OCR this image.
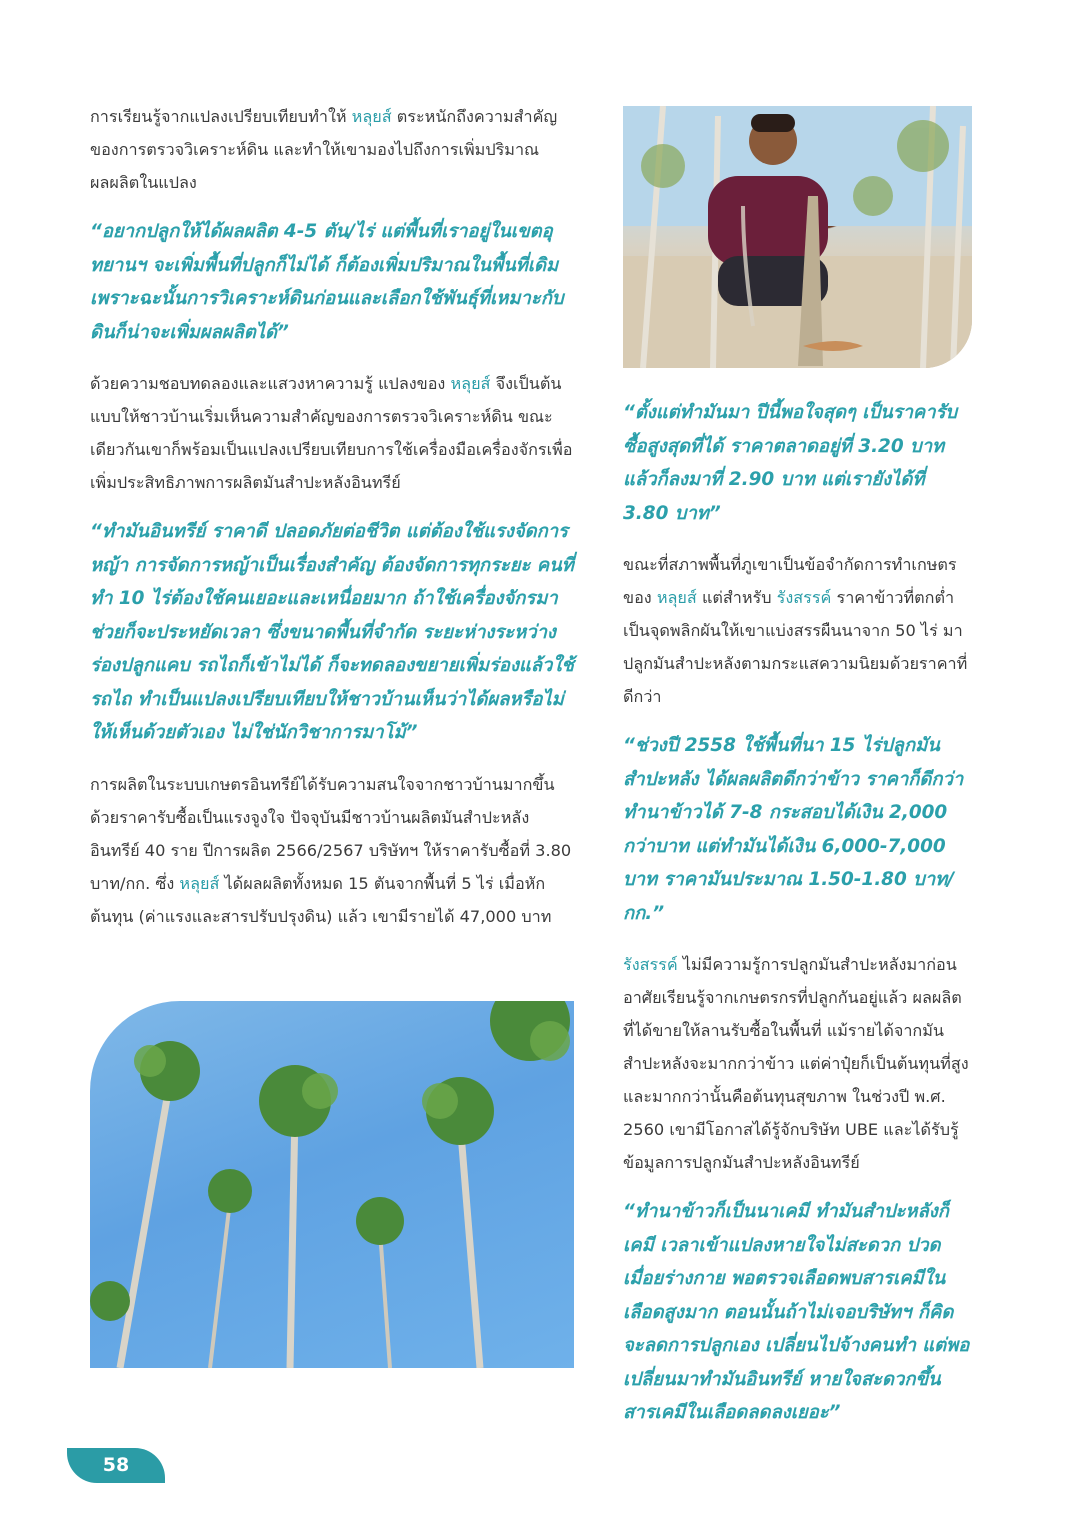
การเรียนรู้จากแปลงเปรียบเทียบทำให้ หลุยส์ ตระหนักถึงความสำคัญของการตรวจวิเคราะห์ดิน และทำให้เขามองไปถึงการเพิ่มปริมาณผลผลิตในแปลง

“อยากปลูกให้ได้ผลผลิต 4-5 ตัน/ไร่ แต่พื้นที่เราอยู่ในเขตอุทยานฯ จะเพิ่มพื้นที่ปลูกก็ไม่ได้ ก็ต้องเพิ่มปริมาณในพื้นที่เดิม เพราะฉะนั้นการวิเคราะห์ดินก่อนและเลือกใช้พันธุ์ที่เหมาะกับดินก็น่าจะเพิ่มผลผลิตได้”

ด้วยความชอบทดลองและแสวงหาความรู้ แปลงของ หลุยส์ จึงเป็นต้นแบบให้ชาวบ้านเริ่มเห็นความสำคัญของการตรวจวิเคราะห์ดิน ขณะเดียวกันเขาก็พร้อมเป็นแปลงเปรียบเทียบการใช้เครื่องมือเครื่องจักรเพื่อเพิ่มประสิทธิภาพการผลิตมันสำปะหลังอินทรีย์

“ทำมันอินทรีย์ ราคาดี ปลอดภัยต่อชีวิต แต่ต้องใช้แรงจัดการหญ้า การจัดการหญ้าเป็นเรื่องสำคัญ ต้องจัดการทุกระยะ คนที่ทำ 10 ไร่ต้องใช้คนเยอะและเหนื่อยมาก ถ้าใช้เครื่องจักรมาช่วยก็จะประหยัดเวลา ซึ่งขนาดพื้นที่จำกัด ระยะห่างระหว่างร่องปลูกแคบ รถไถก็เข้าไม่ได้ ก็จะทดลองขยายเพิ่มร่องแล้วใช้รถไถ ทำเป็นแปลงเปรียบเทียบให้ชาวบ้านเห็นว่าได้ผลหรือไม่ ให้เห็นด้วยตัวเอง ไม่ใช่นักวิชาการมาโม้”

การผลิตในระบบเกษตรอินทรีย์ได้รับความสนใจจากชาวบ้านมากขึ้น ด้วยราคารับซื้อเป็นแรงจูงใจ ปัจจุบันมีชาวบ้านผลิตมันสำปะหลังอินทรีย์ 40 ราย ปีการผลิต 2566/2567 บริษัทฯ ให้ราคารับซื้อที่ 3.80 บาท/กก. ซึ่ง หลุยส์ ได้ผลผลิตทั้งหมด 15 ตันจากพื้นที่ 5 ไร่ เมื่อหักต้นทุน (ค่าแรงและสารปรับปรุงดิน) แล้ว เขามีรายได้ 47,000 บาท

“ตั้งแต่ทำมันมา ปีนี้พอใจสุดๆ เป็นราคารับซื้อสูงสุดที่ได้ ราคาตลาดอยู่ที่ 3.20 บาท แล้วก็ลงมาที่ 2.90 บาท แต่เรายังได้ที่ 3.80 บาท”

ขณะที่สภาพพื้นที่ภูเขาเป็นข้อจำกัดการทำเกษตรของ หลุยส์ แต่สำหรับ รังสรรค์ ราคาข้าวที่ตกต่ำเป็นจุดพลิกผันให้เขาแบ่งสรรผืนนาจาก 50 ไร่ มาปลูกมันสำปะหลังตามกระแสความนิยมด้วยราคาที่ดีกว่า

“ช่วงปี 2558 ใช้พื้นที่นา 15 ไร่ปลูกมันสำปะหลัง ได้ผลผลิตดีกว่าข้าว ราคาก็ดีกว่าทำนาข้าวได้ 7-8 กระสอบได้เงิน 2,000 กว่าบาท แต่ทำมันได้เงิน 6,000-7,000 บาท ราคามันประมาณ 1.50-1.80 บาท/กก.”

รังสรรค์ ไม่มีความรู้การปลูกมันสำปะหลังมาก่อน อาศัยเรียนรู้จากเกษตรกรที่ปลูกกันอยู่แล้ว ผลผลิตที่ได้ขายให้ลานรับซื้อในพื้นที่ แม้รายได้จากมันสำปะหลังจะมากกว่าข้าว แต่ค่าปุ๋ยก็เป็นต้นทุนที่สูงและมากกว่านั้นคือต้นทุนสุขภาพ ในช่วงปี พ.ศ. 2560 เขามีโอกาสได้รู้จักบริษัท UBE และได้รับรู้ข้อมูลการปลูกมันสำปะหลังอินทรีย์

“ทำนาข้าวก็เป็นนาเคมี ทำมันสำปะหลังก็เคมี เวลาเข้าแปลงหายใจไม่สะดวก ปวดเมื่อยร่างกาย พอตรวจเลือดพบสารเคมีในเลือดสูงมาก ตอนนั้นถ้าไม่เจอบริษัทฯ ก็คิดจะลดการปลูกเอง เปลี่ยนไปจ้างคนทำ แต่พอเปลี่ยนมาทำมันอินทรีย์ หายใจสะดวกขึ้น สารเคมีในเลือดลดลงเยอะ”

58
